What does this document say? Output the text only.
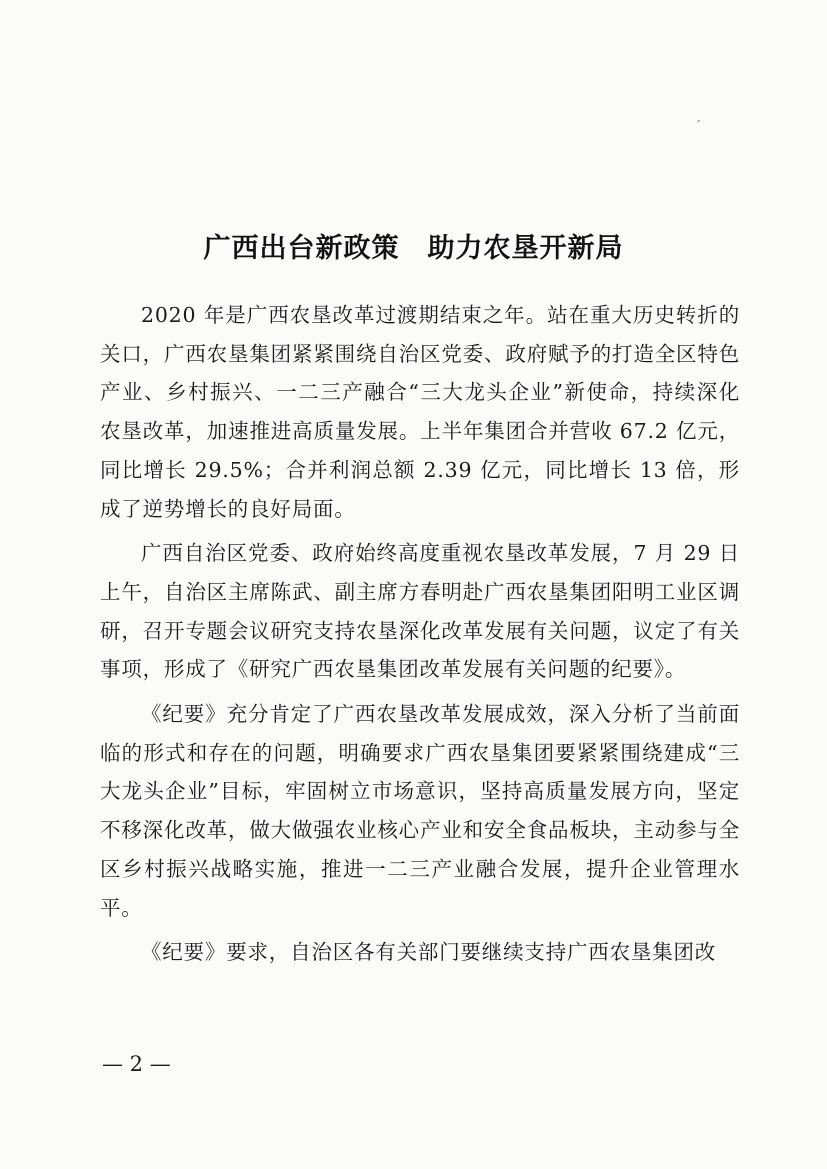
广西出台新政策　助力农垦开新局

2020 年是广西农垦改革过渡期结束之年。站在重大历史转折的关口，广西农垦集团紧紧围绕自治区党委、政府赋予的打造全区特色产业、乡村振兴、一二三产融合“三大龙头企业”新使命，持续深化农垦改革，加速推进高质量发展。上半年集团合并营收 67.2 亿元，同比增长 29.5%；合并利润总额 2.39 亿元，同比增长 13 倍，形成了逆势增长的良好局面。

广西自治区党委、政府始终高度重视农垦改革发展，7 月 29 日上午，自治区主席陈武、副主席方春明赴广西农垦集团阳明工业区调研，召开专题会议研究支持农垦深化改革发展有关问题，议定了有关事项，形成了《研究广西农垦集团改革发展有关问题的纪要》。

《纪要》充分肯定了广西农垦改革发展成效，深入分析了当前面临的形式和存在的问题，明确要求广西农垦集团要紧紧围绕建成“三大龙头企业”目标，牢固树立市场意识，坚持高质量发展方向，坚定不移深化改革，做大做强农业核心产业和安全食品板块，主动参与全区乡村振兴战略实施，推进一二三产业融合发展，提升企业管理水平。

《纪要》要求，自治区各有关部门要继续支持广西农垦集团改

— 2 —
